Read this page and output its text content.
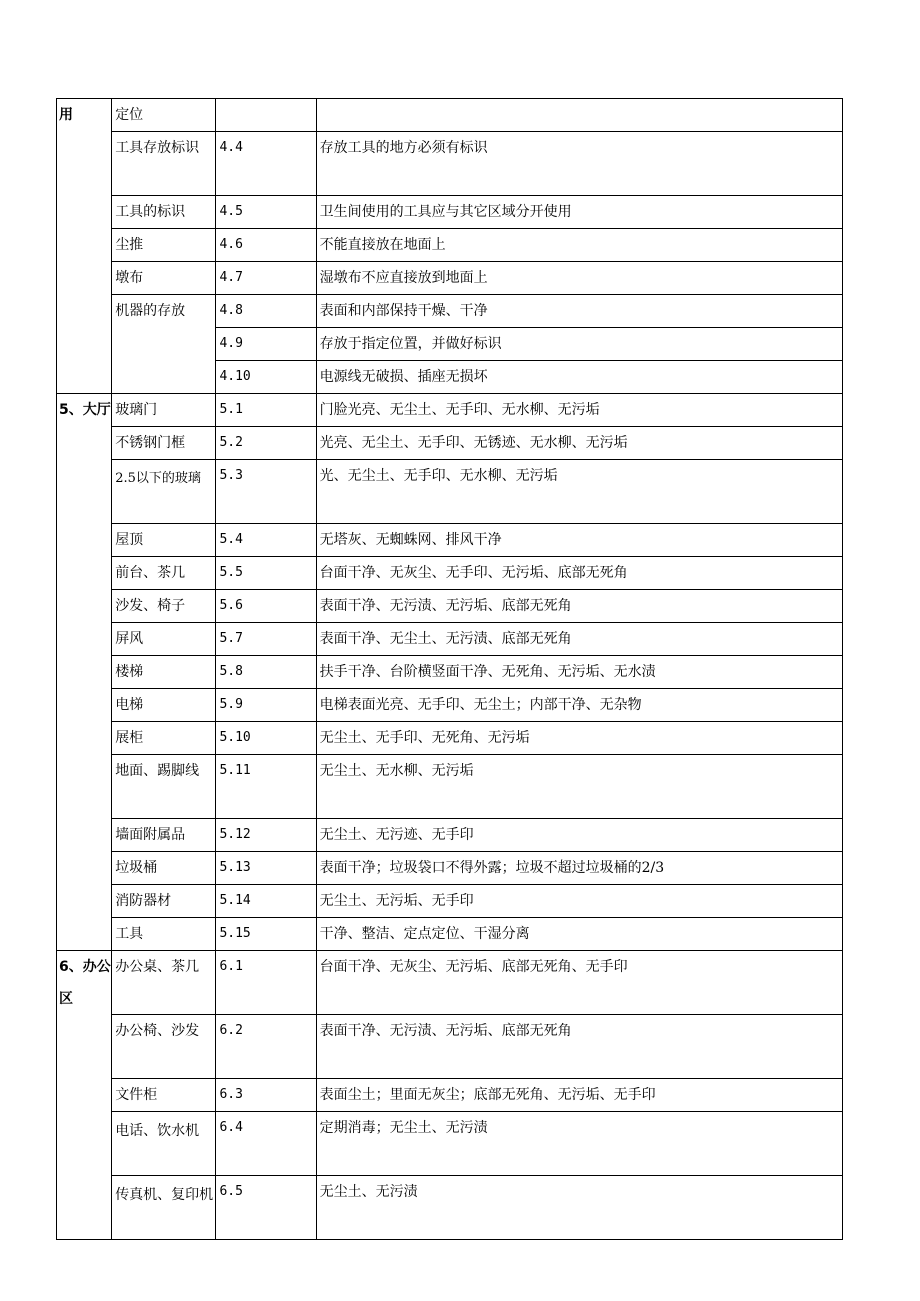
用	定位		
	工具存放标识	4.4	存放工具的地方必须有标识
	工具的标识	4.5	卫生间使用的工具应与其它区域分开使用
	尘推	4.6	不能直接放在地面上
	墩布	4.7	湿墩布不应直接放到地面上
	机器的存放	4.8	表面和内部保持干燥、干净
		4.9	存放于指定位置，并做好标识
		4.10	电源线无破损、插座无损坏
5、大厅	玻璃门	5.1	门脸光亮、无尘土、无手印、无水柳、无污垢
	不锈钢门框	5.2	光亮、无尘土、无手印、无锈迹、无水柳、无污垢
	2.5以下的玻璃	5.3	光、无尘土、无手印、无水柳、无污垢
	屋顶	5.4	无塔灰、无蜘蛛网、排风干净
	前台、茶几	5.5	台面干净、无灰尘、无手印、无污垢、底部无死角
	沙发、椅子	5.6	表面干净、无污渍、无污垢、底部无死角
	屏风	5.7	表面干净、无尘土、无污渍、底部无死角
	楼梯	5.8	扶手干净、台阶横竖面干净、无死角、无污垢、无水渍
	电梯	5.9	电梯表面光亮、无手印、无尘土；内部干净、无杂物
	展柜	5.10	无尘土、无手印、无死角、无污垢
	地面、踢脚线	5.11	无尘土、无水柳、无污垢
	墙面附属品	5.12	无尘土、无污迹、无手印
	垃圾桶	5.13	表面干净；垃圾袋口不得外露；垃圾不超过垃圾桶的2/3
	消防器材	5.14	无尘土、无污垢、无手印
	工具	5.15	干净、整洁、定点定位、干湿分离
6、办公区	办公桌、茶几	6.1	台面干净、无灰尘、无污垢、底部无死角、无手印
	办公椅、沙发	6.2	表面干净、无污渍、无污垢、底部无死角
	文件柜	6.3	表面尘土；里面无灰尘；底部无死角、无污垢、无手印
	电话、饮水机	6.4	定期消毒；无尘土、无污渍
	传真机、复印机	6.5	无尘土、无污渍
